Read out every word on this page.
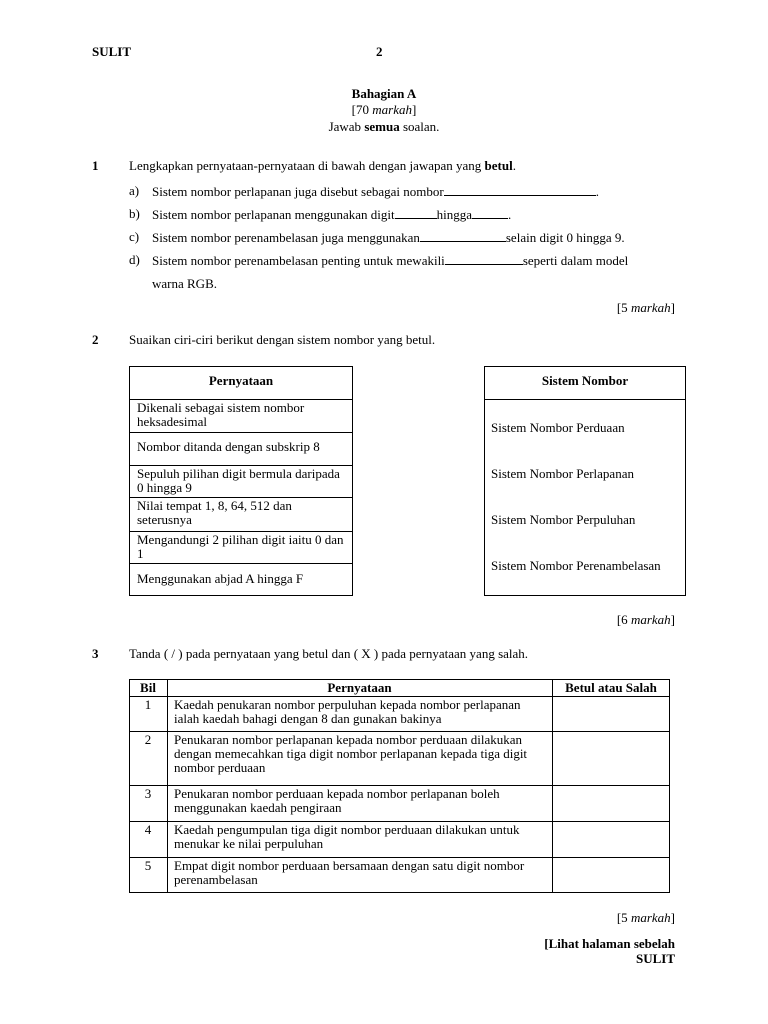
SULIT	2
Bahagian A
[70 markah]
Jawab semua soalan.
1 Lengkapkan pernyataan-pernyataan di bawah dengan jawapan yang betul.
a) Sistem nombor perlapanan juga disebut sebagai nombor	.
b) Sistem nombor perlapanan menggunakan digit	hingga	.
c) Sistem nombor perenambelasan juga menggunakan	selain digit 0 hingga 9.
d) Sistem nombor perenambelasan penting untuk mewakili	seperti dalam model
warna RGB.
[5 markah]
2 Suaikan ciri-ciri berikut dengan sistem nombor yang betul.
Pernyataan
Dikenali sebagai sistem nombor heksadesimal
Nombor ditanda dengan subskrip 8
Sepuluh pilihan digit bermula daripada 0 hingga 9
Nilai tempat 1, 8, 64, 512 dan seterusnya
Mengandungi 2 pilihan digit iaitu 0 dan 1
Menggunakan abjad A hingga F
Sistem Nombor
Sistem Nombor Perduaan
Sistem Nombor Perlapanan
Sistem Nombor Perpuluhan
Sistem Nombor Perenambelasan
[6 markah]
3 Tanda ( / ) pada pernyataan yang betul dan ( X ) pada pernyataan yang salah.
Bil	Pernyataan	Betul atau Salah
1	Kaedah penukaran nombor perpuluhan kepada nombor perlapanan ialah kaedah bahagi dengan 8 dan gunakan bakinya
2	Penukaran nombor perlapanan kepada nombor perduaan dilakukan dengan memecahkan tiga digit nombor perlapanan kepada tiga digit nombor perduaan
3	Penukaran nombor perduaan kepada nombor perlapanan boleh menggunakan kaedah pengiraan
4	Kaedah pengumpulan tiga digit nombor perduaan dilakukan untuk menukar ke nilai perpuluhan
5	Empat digit nombor perduaan bersamaan dengan satu digit nombor perenambelasan
[5 markah]
[Lihat halaman sebelah
SULIT
